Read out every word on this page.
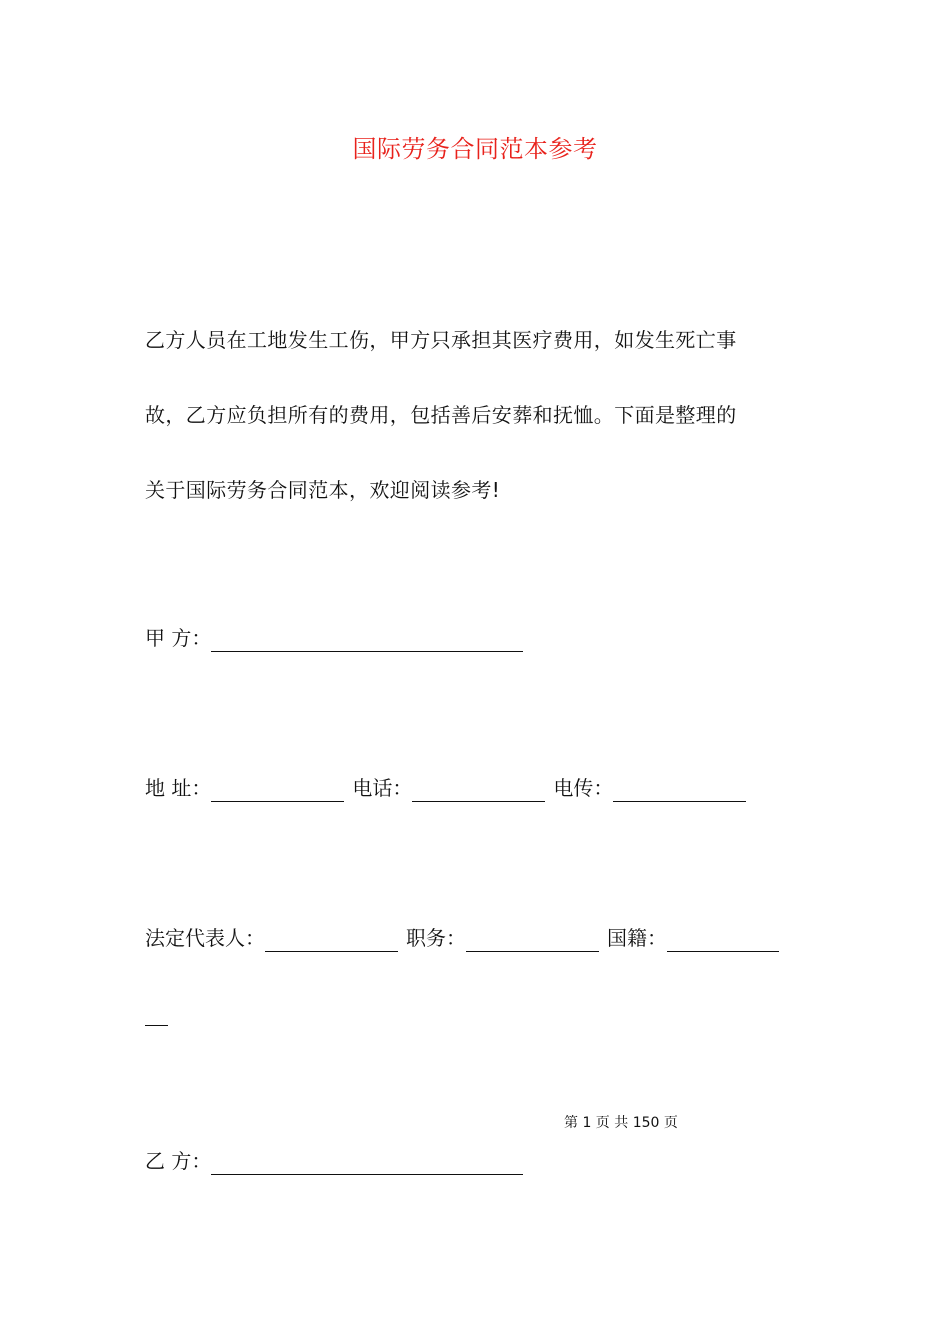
国际劳务合同范本参考
乙方人员在工地发生工伤，甲方只承担其医疗费用，如发生死亡事
故，乙方应负担所有的费用，包括善后安葬和抚恤。下面是整理的
关于国际劳务合同范本，欢迎阅读参考!
甲 方：
地 址：	电话：	电传：
法定代表人：	职务：	国籍：
第 1 页 共 150 页
乙 方：
